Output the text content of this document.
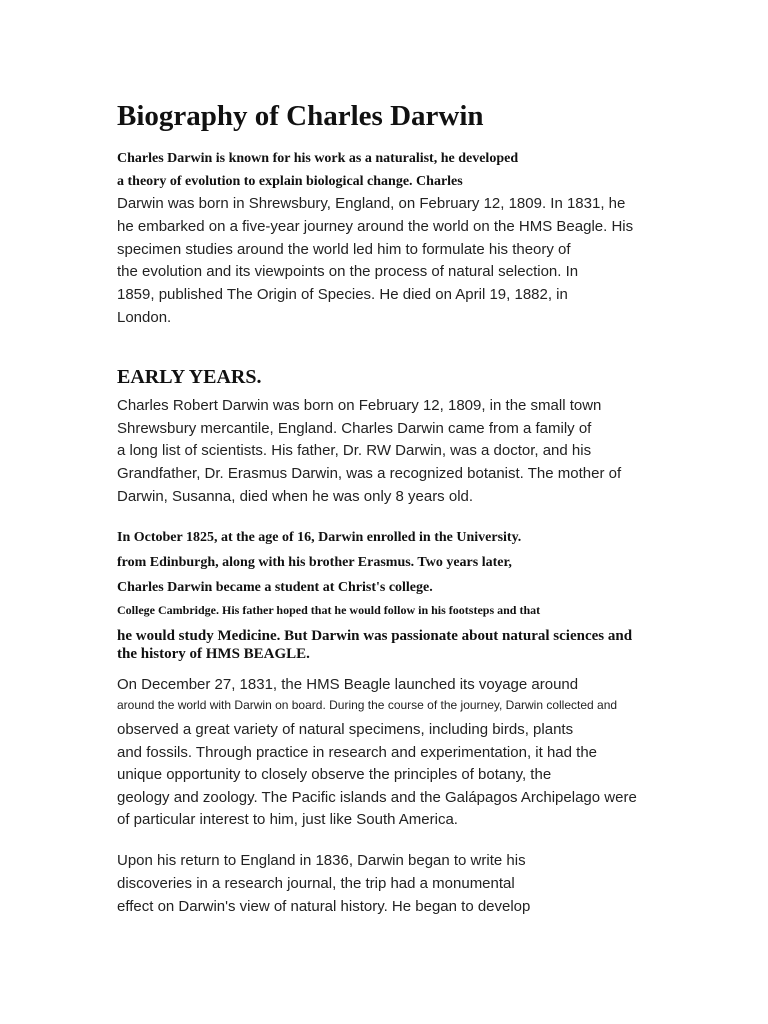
Biography of Charles Darwin
Charles Darwin is known for his work as a naturalist, he developed
a theory of evolution to explain biological change. Charles
Darwin was born in Shrewsbury, England, on February 12, 1809. In 1831, he
he embarked on a five-year journey around the world on the HMS Beagle. His
specimen studies around the world led him to formulate his theory of
the evolution and its viewpoints on the process of natural selection. In
1859, published The Origin of Species. He died on April 19, 1882, in
London.
EARLY YEARS.
Charles Robert Darwin was born on February 12, 1809, in the small town
Shrewsbury mercantile, England. Charles Darwin came from a family of
a long list of scientists. His father, Dr. RW Darwin, was a doctor, and his
Grandfather, Dr. Erasmus Darwin, was a recognized botanist. The mother of
Darwin, Susanna, died when he was only 8 years old.
In October 1825, at the age of 16, Darwin enrolled in the University.
from Edinburgh, along with his brother Erasmus. Two years later,
Charles Darwin became a student at Christ's college.
College Cambridge. His father hoped that he would follow in his footsteps and that
he would study Medicine. But Darwin was passionate about natural sciences and
the history of HMS BEAGLE.
On December 27, 1831, the HMS Beagle launched its voyage around
around the world with Darwin on board. During the course of the journey, Darwin collected and
observed a great variety of natural specimens, including birds, plants
and fossils. Through practice in research and experimentation, it had the
unique opportunity to closely observe the principles of botany, the
geology and zoology. The Pacific islands and the Galápagos Archipelago were
of particular interest to him, just like South America.
Upon his return to England in 1836, Darwin began to write his
discoveries in a research journal, the trip had a monumental
effect on Darwin's view of natural history. He began to develop
